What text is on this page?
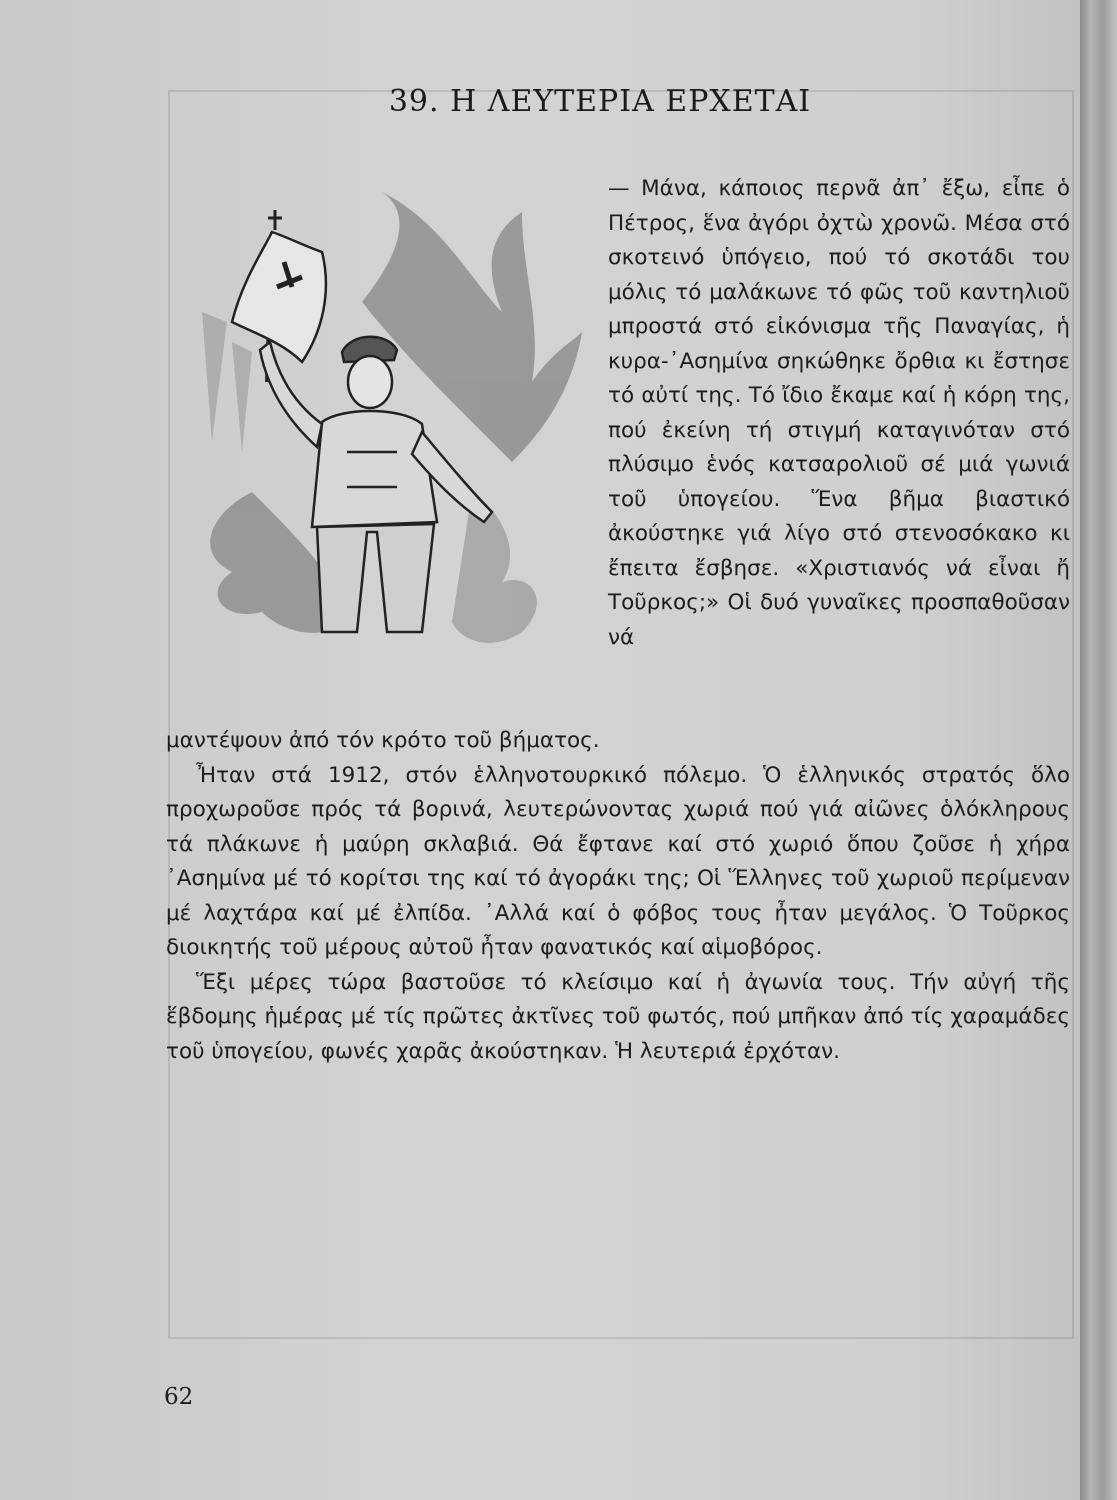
39. Η ΛΕΥΤΕΡΙΑ ΕΡΧΕΤΑΙ

— Μάνα, κάποιος περνᾶ ἀπ᾿ ἔξω, εἶπε ὁ Πέτρος, ἕνα ἀγόρι ὀχτὼ χρονῶ. Μέσα στό σκοτεινό ὑπόγειο, πού τό σκοτάδι του μόλις τό μαλάκωνε τό φῶς τοῦ καντηλιοῦ μπροστά στό εἰκόνισμα τῆς Παναγίας, ἡ κυρα-᾿Ασημίνα σηκώθηκε ὄρθια κι ἔστησε τό αὐτί της. Τό ἴδιο ἔκαμε καί ἡ κόρη της, πού ἐκείνη τή στιγμή καταγινόταν στό πλύσιμο ἑνός κατσαρολιοῦ σέ μιά γωνιά τοῦ ὑπογείου. Ἕνα βῆμα βιαστικό ἀκούστηκε γιά λίγο στό στενοσόκακο κι ἔπειτα ἔσβησε. «Χριστιανός νά εἶναι ἤ Τοῦρκος;» Οἱ δυό γυναῖκες προσπαθοῦσαν νά

μαντέψουν ἀπό τόν κρότο τοῦ βήματος.

Ἦταν στά 1912, στόν ἑλληνοτουρκικό πόλεμο. Ὁ ἑλληνικός στρατός ὅλο προχωροῦσε πρός τά βορινά, λευτερώνοντας χωριά πού γιά αἰῶνες ὁλόκληρους τά πλάκωνε ἡ μαύρη σκλαβιά. Θά ἔφτανε καί στό χωριό ὅπου ζοῦσε ἡ χήρα ᾿Ασημίνα μέ τό κορίτσι της καί τό ἀγοράκι της; Οἱ Ἕλληνες τοῦ χωριοῦ περίμεναν μέ λαχτάρα καί μέ ἐλπίδα. ᾿Αλλά καί ὁ φόβος τους ἦταν μεγάλος. Ὁ Τοῦρκος διοικητής τοῦ μέρους αὐτοῦ ἦταν φανατικός καί αἱμοβόρος.

Ἕξι μέρες τώρα βαστοῦσε τό κλείσιμο καί ἡ ἀγωνία τους. Τήν αὐγή τῆς ἕβδομης ἡμέρας μέ τίς πρῶτες ἀκτῖνες τοῦ φωτός, πού μπῆκαν ἀπό τίς χαραμάδες τοῦ ὑπογείου, φωνές χαρᾶς ἀκούστηκαν. Ἡ λευτεριά ἐρχόταν.

62
